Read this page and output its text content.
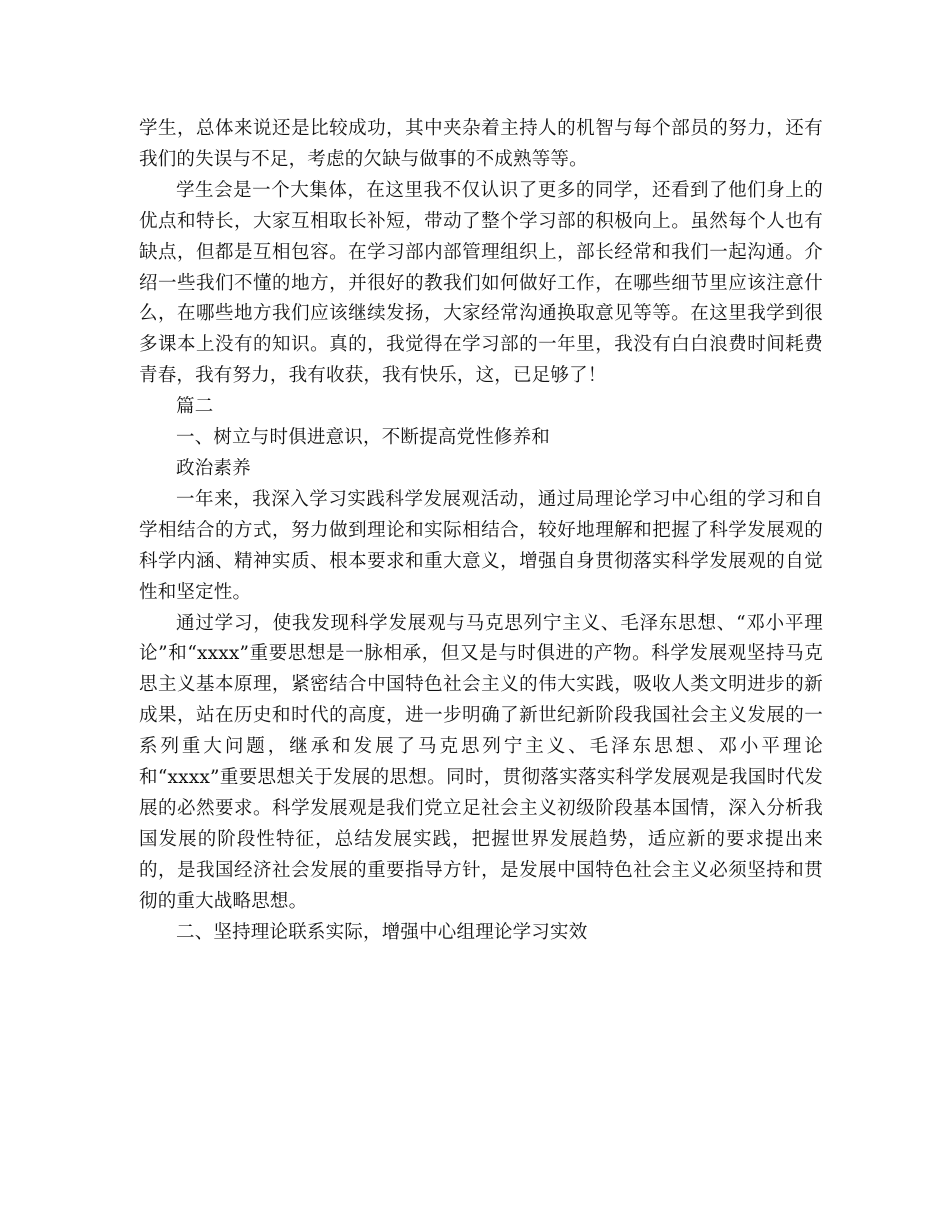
学生，总体来说还是比较成功，其中夹杂着主持人的机智与每个部员的努力，还有我们的失误与不足，考虑的欠缺与做事的不成熟等等。

学生会是一个大集体，在这里我不仅认识了更多的同学，还看到了他们身上的优点和特长，大家互相取长补短，带动了整个学习部的积极向上。虽然每个人也有缺点，但都是互相包容。在学习部内部管理组织上，部长经常和我们一起沟通。介绍一些我们不懂的地方，并很好的教我们如何做好工作，在哪些细节里应该注意什么，在哪些地方我们应该继续发扬，大家经常沟通换取意见等等。在这里我学到很多课本上没有的知识。真的，我觉得在学习部的一年里，我没有白白浪费时间耗费青春，我有努力，我有收获，我有快乐，这，已足够了！

篇二

一、树立与时俱进意识，不断提高党性修养和

政治素养

一年来，我深入学习实践科学发展观活动，通过局理论学习中心组的学习和自学相结合的方式，努力做到理论和实际相结合，较好地理解和把握了科学发展观的科学内涵、精神实质、根本要求和重大意义，增强自身贯彻落实科学发展观的自觉性和坚定性。

通过学习，使我发现科学发展观与马克思列宁主义、毛泽东思想、“邓小平理论”和“xxxx”重要思想是一脉相承，但又是与时俱进的产物。科学发展观坚持马克思主义基本原理，紧密结合中国特色社会主义的伟大实践，吸收人类文明进步的新成果，站在历史和时代的高度，进一步明确了新世纪新阶段我国社会主义发展的一系列重大问题，继承和发展了马克思列宁主义、毛泽东思想、邓小平理论和“xxxx”重要思想关于发展的思想。同时，贯彻落实落实科学发展观是我国时代发展的必然要求。科学发展观是我们党立足社会主义初级阶段基本国情，深入分析我国发展的阶段性特征，总结发展实践，把握世界发展趋势，适应新的要求提出来的，是我国经济社会发展的重要指导方针，是发展中国特色社会主义必须坚持和贯彻的重大战略思想。

二、坚持理论联系实际，增强中心组理论学习实效
